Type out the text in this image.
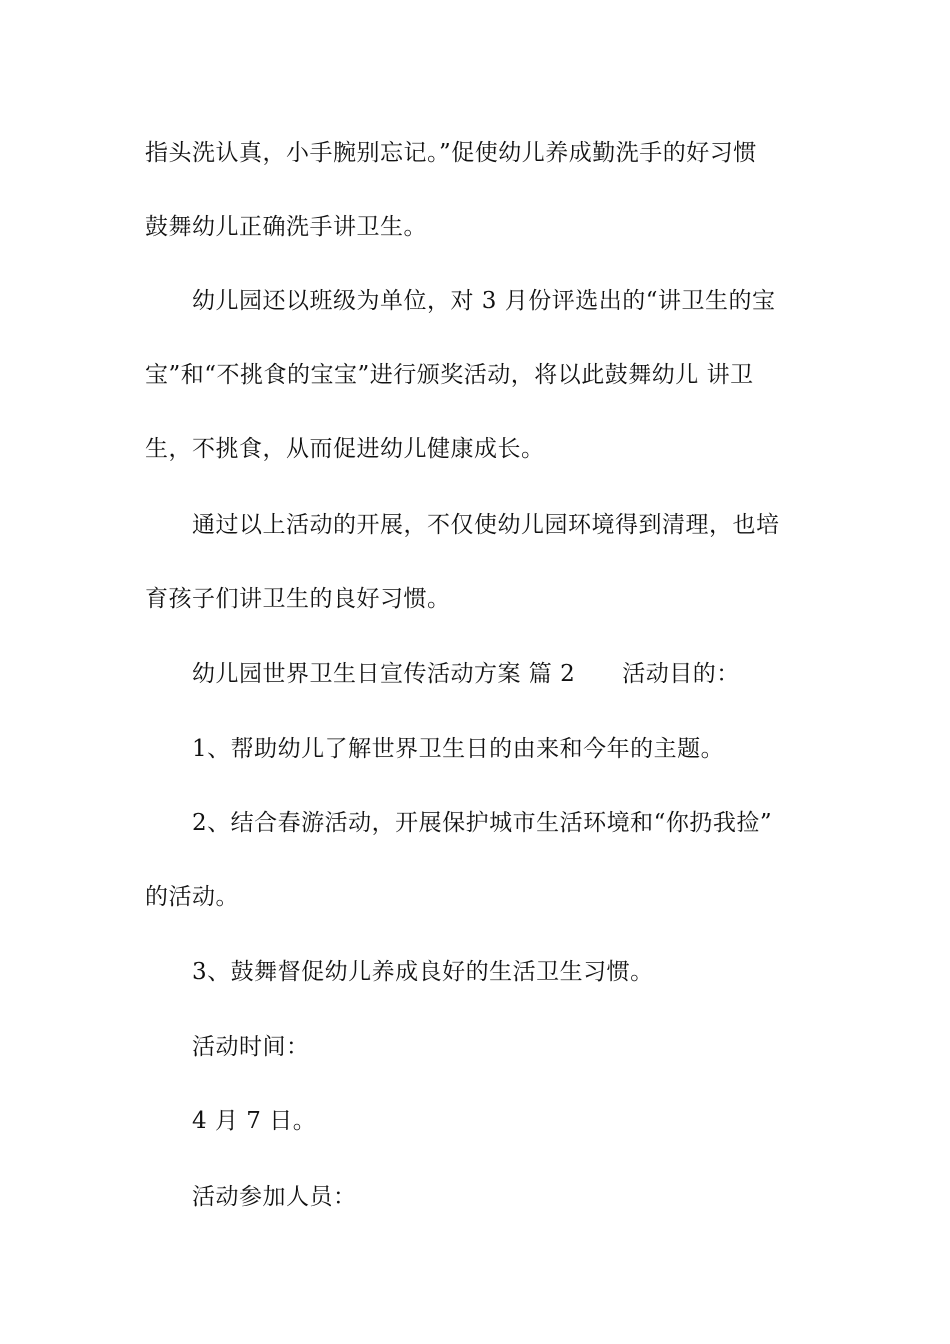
指头洗认真，小手腕别忘记。”促使幼儿养成勤洗手的好习惯

鼓舞幼儿正确洗手讲卫生。

幼儿园还以班级为单位，对 3 月份评选出的“讲卫生的宝

宝”和“不挑食的宝宝”进行颁奖活动，将以此鼓舞幼儿 讲卫

生，不挑食，从而促进幼儿健康成长。

通过以上活动的开展，不仅使幼儿园环境得到清理，也培

育孩子们讲卫生的良好习惯。

幼儿园世界卫生日宣传活动方案 篇 2　　活动目的：

1、帮助幼儿了解世界卫生日的由来和今年的主题。

2、结合春游活动，开展保护城市生活环境和“你扔我捡”

的活动。

3、鼓舞督促幼儿养成良好的生活卫生习惯。

活动时间：

4 月 7 日。

活动参加人员：
